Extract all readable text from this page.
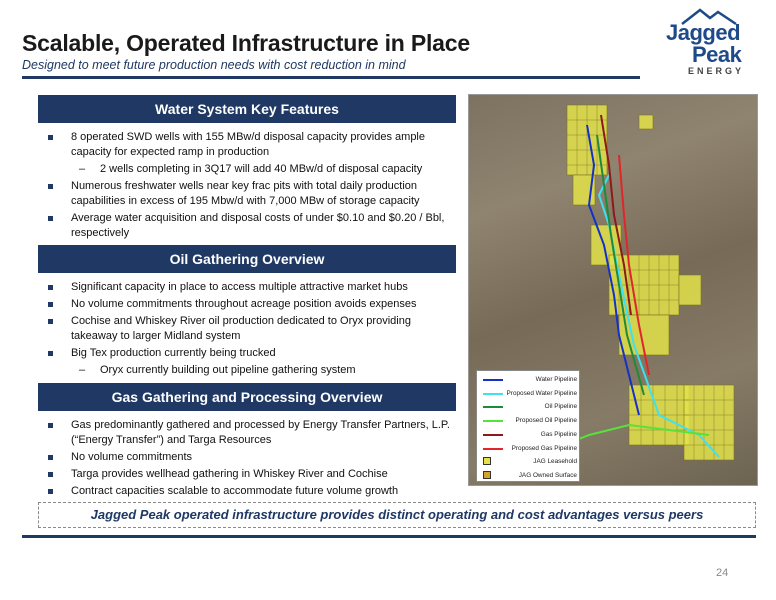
Scalable, Operated Infrastructure in Place
Designed to meet future production needs with cost reduction in mind
Jagged
Peak
ENERGY
Water System Key Features
8 operated SWD wells with 155 MBw/d disposal capacity provides ample capacity for expected ramp in production
– 2 wells completing in 3Q17 will add 40 MBw/d of disposal capacity
Numerous freshwater wells near key frac pits with total daily production capabilities in excess of 195 Mbw/d with 7,000 MBw of storage capacity
Average water acquisition and disposal costs of under $0.10 and $0.20 / Bbl, respectively
Oil Gathering Overview
Significant capacity in place to access multiple attractive market hubs
No volume commitments throughout acreage position avoids expenses
Cochise and Whiskey River oil production dedicated to Oryx providing takeaway to larger Midland system
Big Tex production currently being trucked
– Oryx currently building out pipeline gathering system
Gas Gathering and Processing Overview
Gas predominantly gathered and processed by Energy Transfer Partners, L.P. (“Energy Transfer”) and Targa Resources
No volume commitments
Targa provides wellhead gathering in Whiskey River and Cochise
Contract capacities scalable to accommodate future volume growth
Water Pipeline
Proposed Water Pipeline
Oil Pipeline
Proposed Oil Pipeline
Gas Pipeline
Proposed Gas Pipeline
JAG Leasehold
JAG Owned Surface
Jagged Peak operated infrastructure provides distinct operating and cost advantages versus peers
24
